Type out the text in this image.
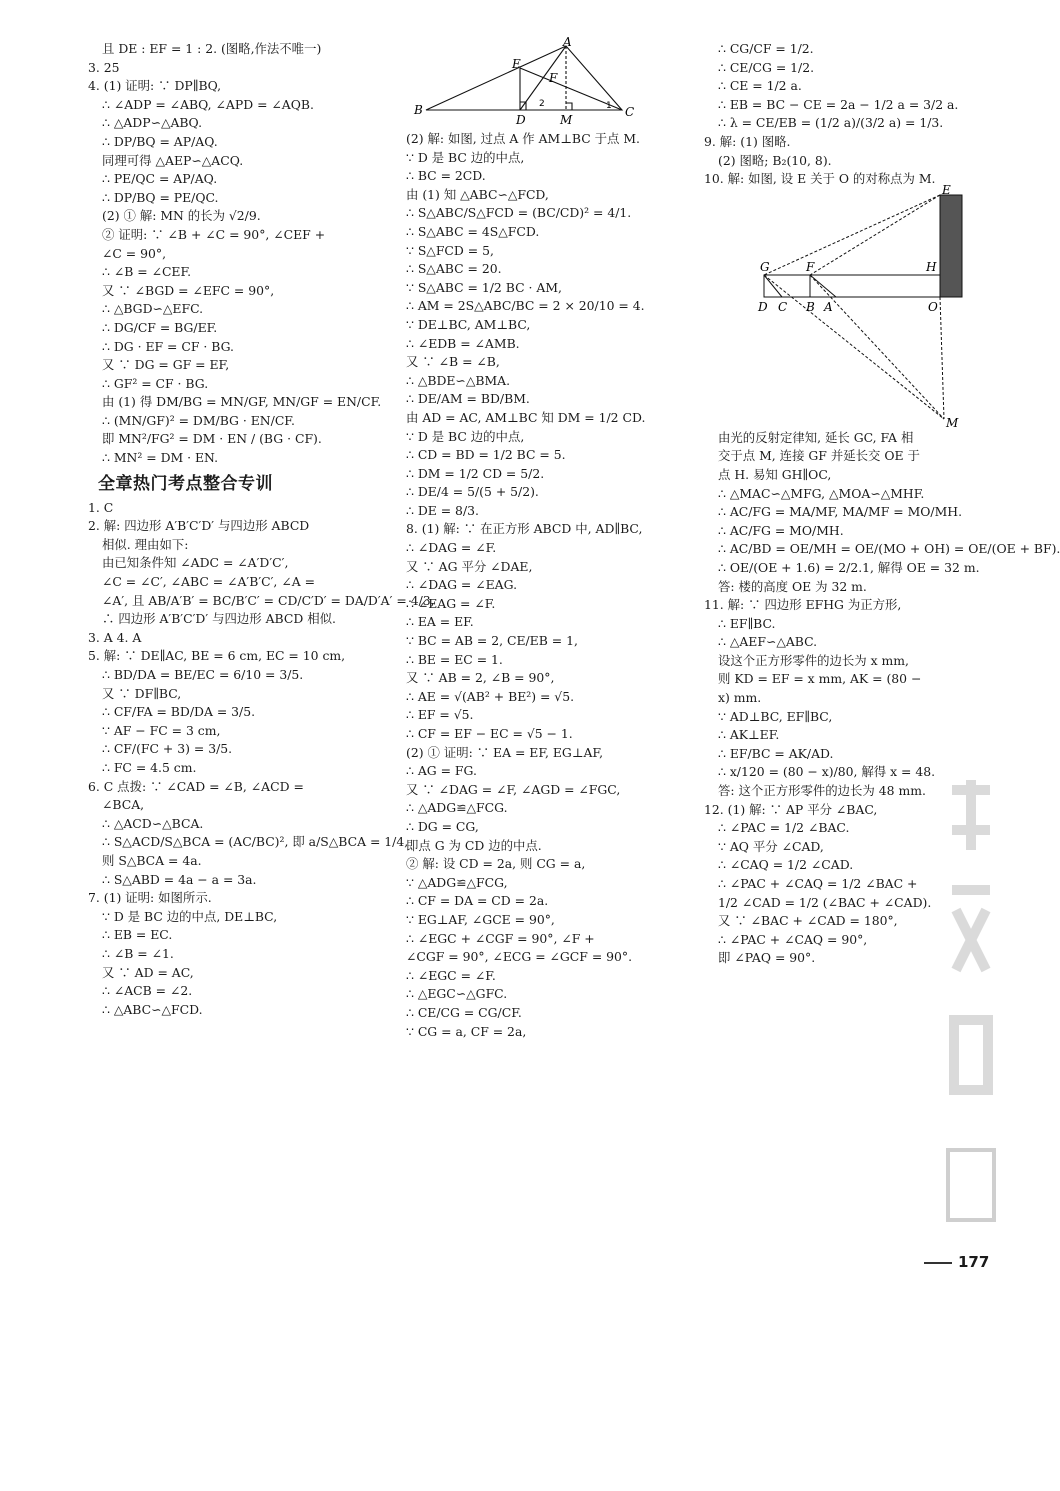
且 DE : EF = 1 : 2. (图略,作法不唯一)
3. 25
4. (1) 证明: ∵ DP∥BQ,
∴ ∠ADP = ∠ABQ, ∠APD = ∠AQB.
∴ △ADP∽△ABQ.
∴ DP/BQ = AP/AQ.
同理可得 △AEP∽△ACQ.
∴ PE/QC = AP/AQ.
∴ DP/BQ = PE/QC.
(2) ① 解: MN 的长为 √2/9.
② 证明: ∵ ∠B + ∠C = 90°, ∠CEF +
∠C = 90°,
∴ ∠B = ∠CEF.
又 ∵ ∠BGD = ∠EFC = 90°,
∴ △BGD∽△EFC.
∴ DG/CF = BG/EF.
∴ DG · EF = CF · BG.
又 ∵ DG = GF = EF,
∴ GF² = CF · BG.
由 (1) 得 DM/BG = MN/GF, MN/GF = EN/CF.
∴ (MN/GF)² = DM/BG · EN/CF.
即 MN²/FG² = DM · EN / (BG · CF).
∴ MN² = DM · EN.
全章热门考点整合专训
1. C
2. 解: 四边形 A′B′C′D′ 与四边形 ABCD
相似. 理由如下:
由已知条件知 ∠ADC = ∠A′D′C′,
∠C = ∠C′, ∠ABC = ∠A′B′C′, ∠A =
∠A′, 且 AB/A′B′ = BC/B′C′ = CD/C′D′ = DA/D′A′ = 4/3,
∴ 四边形 A′B′C′D′ 与四边形 ABCD 相似.
3. A 4. A
5. 解: ∵ DE∥AC, BE = 6 cm, EC = 10 cm,
∴ BD/DA = BE/EC = 6/10 = 3/5.
又 ∵ DF∥BC,
∴ CF/FA = BD/DA = 3/5.
∵ AF − FC = 3 cm,
∴ CF/(FC + 3) = 3/5.
∴ FC = 4.5 cm.
6. C 点拨: ∵ ∠CAD = ∠B, ∠ACD =
∠BCA,
∴ △ACD∽△BCA.
∴ S△ACD/S△BCA = (AC/BC)², 即 a/S△BCA = 1/4,
则 S△BCA = 4a.
∴ S△ABD = 4a − a = 3a.
7. (1) 证明: 如图所示.
∵ D 是 BC 边的中点, DE⊥BC,
∴ EB = EC.
∴ ∠B = ∠1.
又 ∵ AD = AC,
∴ ∠ACB = ∠2.
∴ △ABC∽△FCD.
A
B	C
D
E
F
M
1
2
(2) 解: 如图, 过点 A 作 AM⊥BC 于点 M.
∵ D 是 BC 边的中点,
∴ BC = 2CD.
由 (1) 知 △ABC∽△FCD,
∴ S△ABC/S△FCD = (BC/CD)² = 4/1.
∴ S△ABC = 4S△FCD.
∵ S△FCD = 5,
∴ S△ABC = 20.
∵ S△ABC = 1/2 BC · AM,
∴ AM = 2S△ABC/BC = 2 × 20/10 = 4.
∵ DE⊥BC, AM⊥BC,
∴ ∠EDB = ∠AMB.
又 ∵ ∠B = ∠B,
∴ △BDE∽△BMA.
∴ DE/AM = BD/BM.
由 AD = AC, AM⊥BC 知 DM = 1/2 CD.
∵ D 是 BC 边的中点,
∴ CD = BD = 1/2 BC = 5.
∴ DM = 1/2 CD = 5/2.
∴ DE/4 = 5/(5 + 5/2).
∴ DE = 8/3.
8. (1) 解: ∵ 在正方形 ABCD 中, AD∥BC,
∴ ∠DAG = ∠F.
又 ∵ AG 平分 ∠DAE,
∴ ∠DAG = ∠EAG.
∴ ∠EAG = ∠F.
∴ EA = EF.
∵ BC = AB = 2, CE/EB = 1,
∴ BE = EC = 1.
又 ∵ AB = 2, ∠B = 90°,
∴ AE = √(AB² + BE²) = √5.
∴ EF = √5.
∴ CF = EF − EC = √5 − 1.
(2) ① 证明: ∵ EA = EF, EG⊥AF,
∴ AG = FG.
又 ∵ ∠DAG = ∠F, ∠AGD = ∠FGC,
∴ △ADG≌△FCG.
∴ DG = CG,
即点 G 为 CD 边的中点.
② 解: 设 CD = 2a, 则 CG = a,
∵ △ADG≌△FCG,
∴ CF = DA = CD = 2a.
∵ EG⊥AF, ∠GCE = 90°,
∴ ∠EGC + ∠CGF = 90°, ∠F +
∠CGF = 90°, ∠ECG = ∠GCF = 90°.
∴ ∠EGC = ∠F.
∴ △EGC∽△GFC.
∴ CE/CG = CG/CF.
∵ CG = a, CF = 2a,
∴ CG/CF = 1/2.
∴ CE/CG = 1/2.
∴ CE = 1/2 a.
∴ EB = BC − CE = 2a − 1/2 a = 3/2 a.
∴ λ = CE/EB = (1/2 a)/(3/2 a) = 1/3.
9. 解: (1) 图略.
(2) 图略; B₂(10, 8).
10. 解: 如图, 设 E 关于 O 的对称点为 M.
E
G	F	H
D C B A	O
M
由光的反射定律知, 延长 GC, FA 相
交于点 M, 连接 GF 并延长交 OE 于
点 H. 易知 GH∥OC,
∴ △MAC∽△MFG, △MOA∽△MHF.
∴ AC/FG = MA/MF, MA/MF = MO/MH.
∴ AC/FG = MO/MH.
∴ AC/BD = OE/MH = OE/(MO + OH) = OE/(OE + BF).
∴ OE/(OE + 1.6) = 2/2.1, 解得 OE = 32 m.
答: 楼的高度 OE 为 32 m.
11. 解: ∵ 四边形 EFHG 为正方形,
∴ EF∥BC.
∴ △AEF∽△ABC.
设这个正方形零件的边长为 x mm,
则 KD = EF = x mm, AK = (80 −
x) mm.
∵ AD⊥BC, EF∥BC,
∴ AK⊥EF.
∴ EF/BC = AK/AD.
∴ x/120 = (80 − x)/80, 解得 x = 48.
答: 这个正方形零件的边长为 48 mm.
12. (1) 解: ∵ AP 平分 ∠BAC,
∴ ∠PAC = 1/2 ∠BAC.
∵ AQ 平分 ∠CAD,
∴ ∠CAQ = 1/2 ∠CAD.
∴ ∠PAC + ∠CAQ = 1/2 ∠BAC +
1/2 ∠CAD = 1/2 (∠BAC + ∠CAD).
又 ∵ ∠BAC + ∠CAD = 180°,
∴ ∠PAC + ∠CAQ = 90°,
即 ∠PAQ = 90°.
177
